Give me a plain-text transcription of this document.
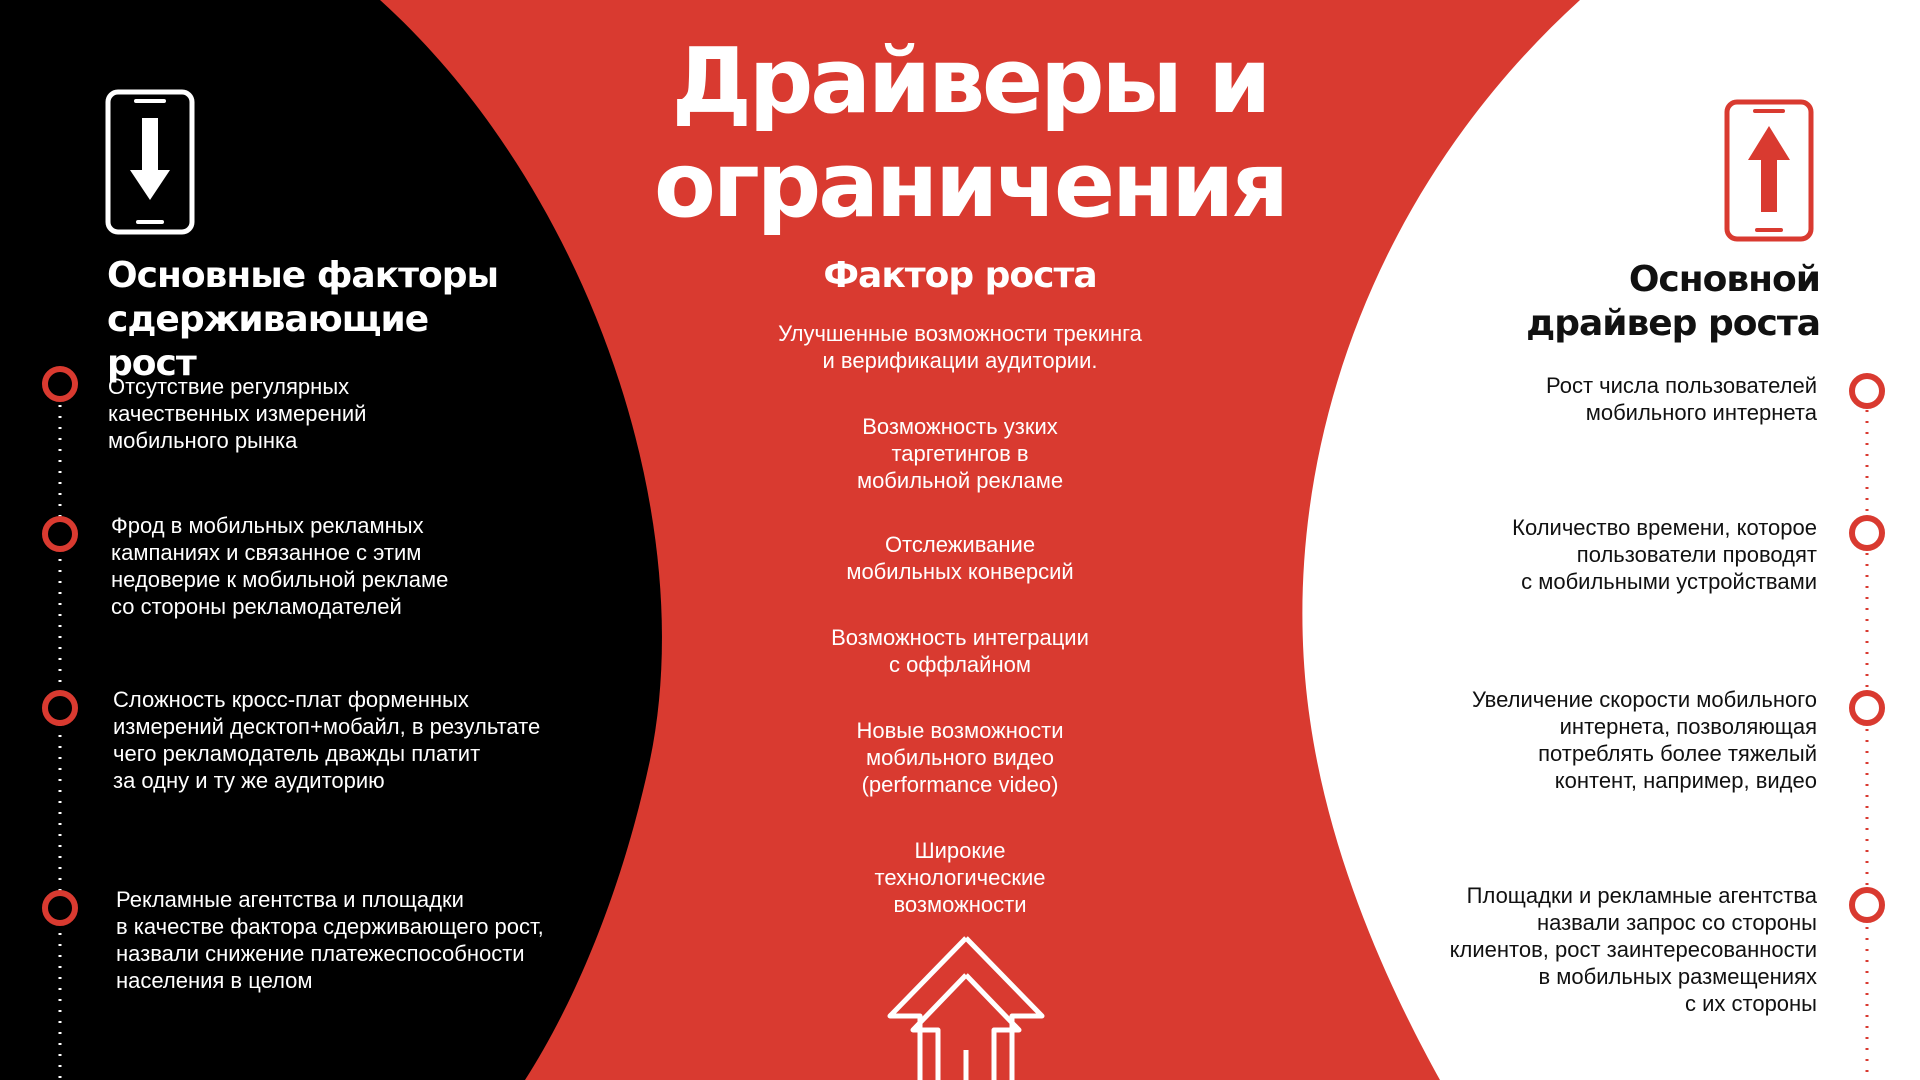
Драйверы и
ограничения
Основные факторы
сдерживающие рост
Фактор роста	Основной
драйвер роста
Отсутствие регулярных
качественных измерений
мобильного рынка
Фрод в мобильных рекламных
кампаниях и связанное с этим
недоверие к мобильной рекламе
со стороны рекламодателей
Сложность кросс-плат форменных
измерений десктоп+мобайл, в результате
чего рекламодатель дважды платит
за одну и ту же аудиторию
Рекламные агентства и площадки
в качестве фактора сдерживающего рост,
назвали снижение платежеспособности
населения в целом
Улучшенные возможности трекинга
и верификации аудитории.
Возможность узких
таргетингов в
мобильной рекламе
Отслеживание
мобильных конверсий
Возможность интеграции
с оффлайном
Новые возможности
мобильного видео
(performance video)
Широкие
технологические
возможности
Рост числа пользователей
мобильного интернета
Количество времени, которое
пользователи проводят
с мобильными устройствами
Увеличение скорости мобильного
интернета, позволяющая
потреблять более тяжелый
контент, например, видео
Площадки и рекламные агентства
назвали запрос со стороны
клиентов, рост заинтересованности
в мобильных размещениях
с их стороны
